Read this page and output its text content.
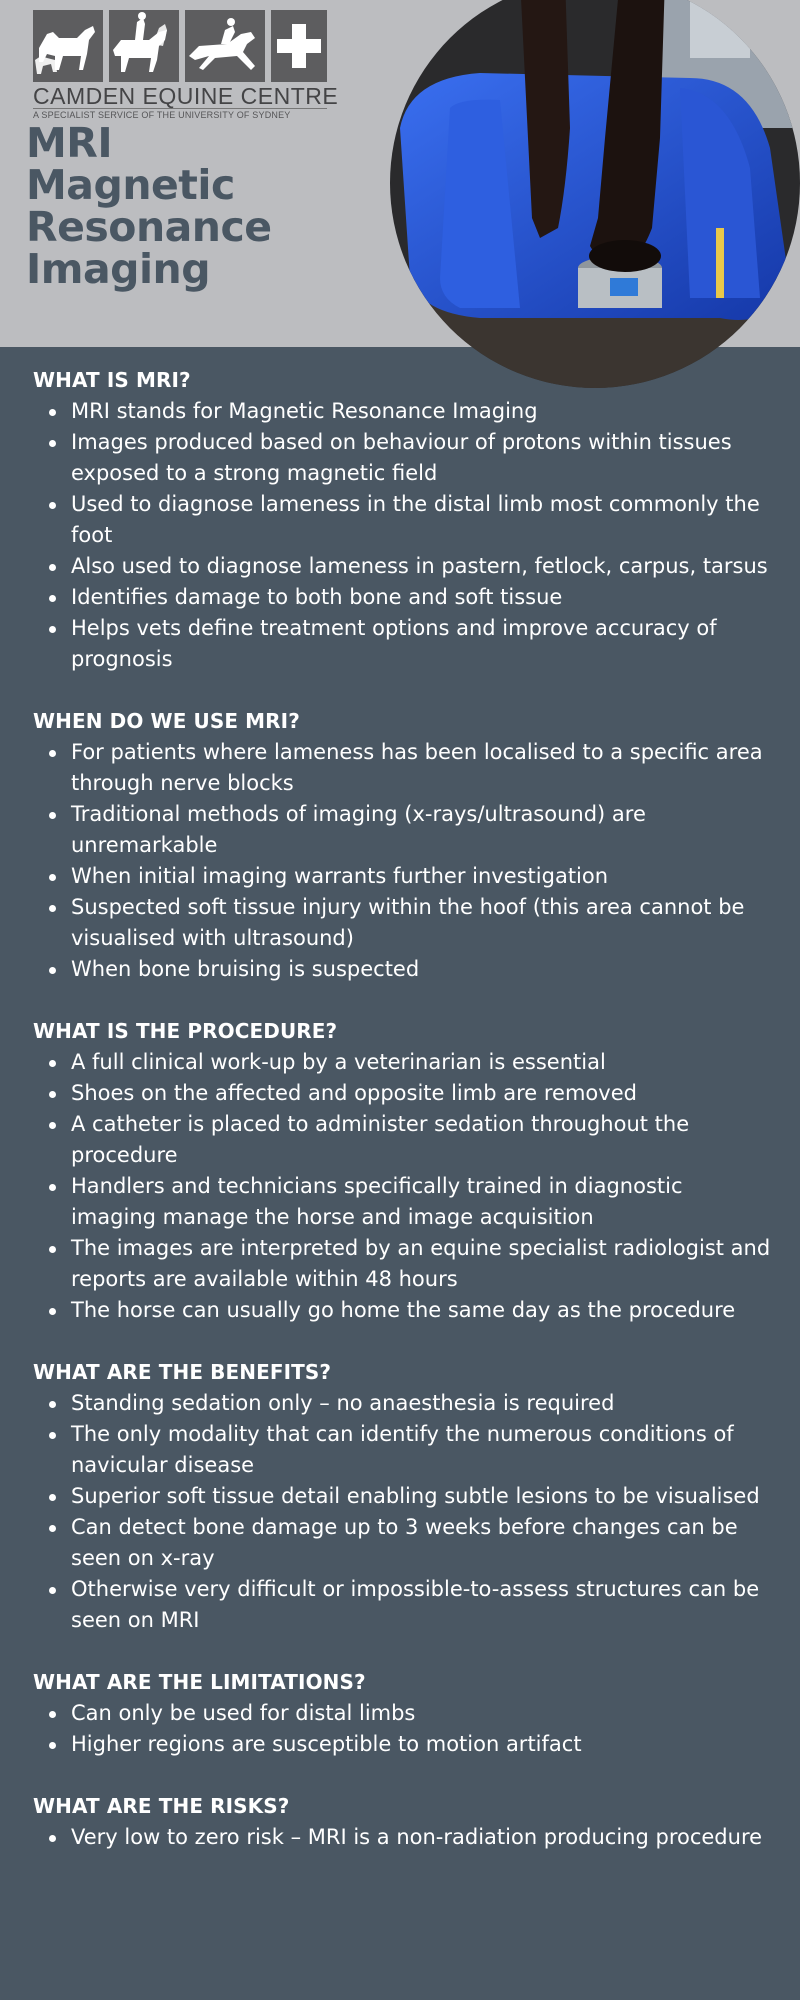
CAMDEN EQUINE CENTRE
A SPECIALIST SERVICE OF THE UNIVERSITY OF SYDNEY
MRI
Magnetic
Resonance
Imaging
WHAT IS MRI?
MRI stands for Magnetic Resonance Imaging
Images produced based on behaviour of protons within tissues exposed to a strong magnetic field
Used to diagnose lameness in the distal limb most commonly the foot
Also used to diagnose lameness in pastern, fetlock, carpus, tarsus
Identifies damage to both bone and soft tissue
Helps vets define treatment options and improve accuracy of prognosis
WHEN DO WE USE MRI?
For patients where lameness has been localised to a specific area through nerve blocks
Traditional methods of imaging (x-rays/ultrasound) are unremarkable
When initial imaging warrants further investigation
Suspected soft tissue injury within the hoof (this area cannot be visualised with ultrasound)
When bone bruising is suspected
WHAT IS THE PROCEDURE?
A full clinical work-up by a veterinarian is essential
Shoes on the affected and opposite limb are removed
A catheter is placed to administer sedation throughout the procedure
Handlers and technicians specifically trained in diagnostic imaging manage the horse and image acquisition
The images are interpreted by an equine specialist radiologist and reports are available within 48 hours
The horse can usually go home the same day as the procedure
WHAT ARE THE BENEFITS?
Standing sedation only – no anaesthesia is required
The only modality that can identify the numerous conditions of navicular disease
Superior soft tissue detail enabling subtle lesions to be visualised
Can detect bone damage up to 3 weeks before changes can be seen on x-ray
Otherwise very difficult or impossible-to-assess structures can be seen on MRI
WHAT ARE THE LIMITATIONS?
Can only be used for distal limbs
Higher regions are susceptible to motion artifact
WHAT ARE THE RISKS?
Very low to zero risk – MRI is a non-radiation producing procedure
